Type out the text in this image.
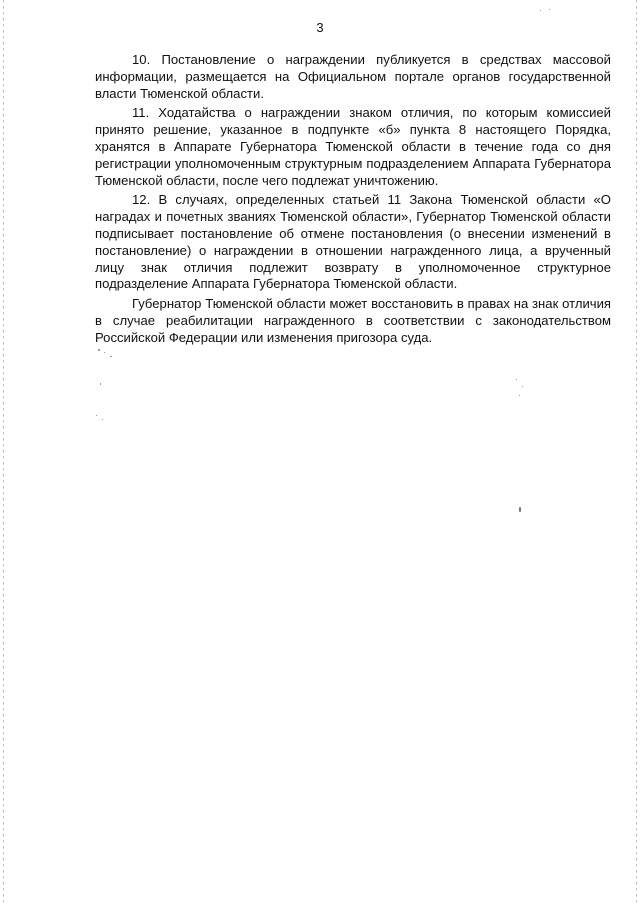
3

10. Постановление о награждении публикуется в средствах массовой информации, размещается на Официальном портале органов государственной власти Тюменской области.

11. Ходатайства о награждении знаком отличия, по которым комиссией принято решение, указанное в подпункте «б» пункта 8 настоящего Порядка, хранятся в Аппарате Губернатора Тюменской области в течение года со дня регистрации уполномоченным структурным подразделением Аппарата Губернатора Тюменской области, после чего подлежат уничтожению.

12. В случаях, определенных статьей 11 Закона Тюменской области «О наградах и почетных званиях Тюменской области», Губернатор Тюменской области подписывает постановление об отмене постановления (о внесении изменений в постановление) о награждении в отношении награжденного лица, а врученный лицу знак отличия подлежит возврату в уполномоченное структурное подразделение Аппарата Губернатора Тюменской области.

Губернатор Тюменской области может восстановить в правах на знак отличия в случае реабилитации награжденного в соответствии с законодательством Российской Федерации или изменения пригозора суда.
